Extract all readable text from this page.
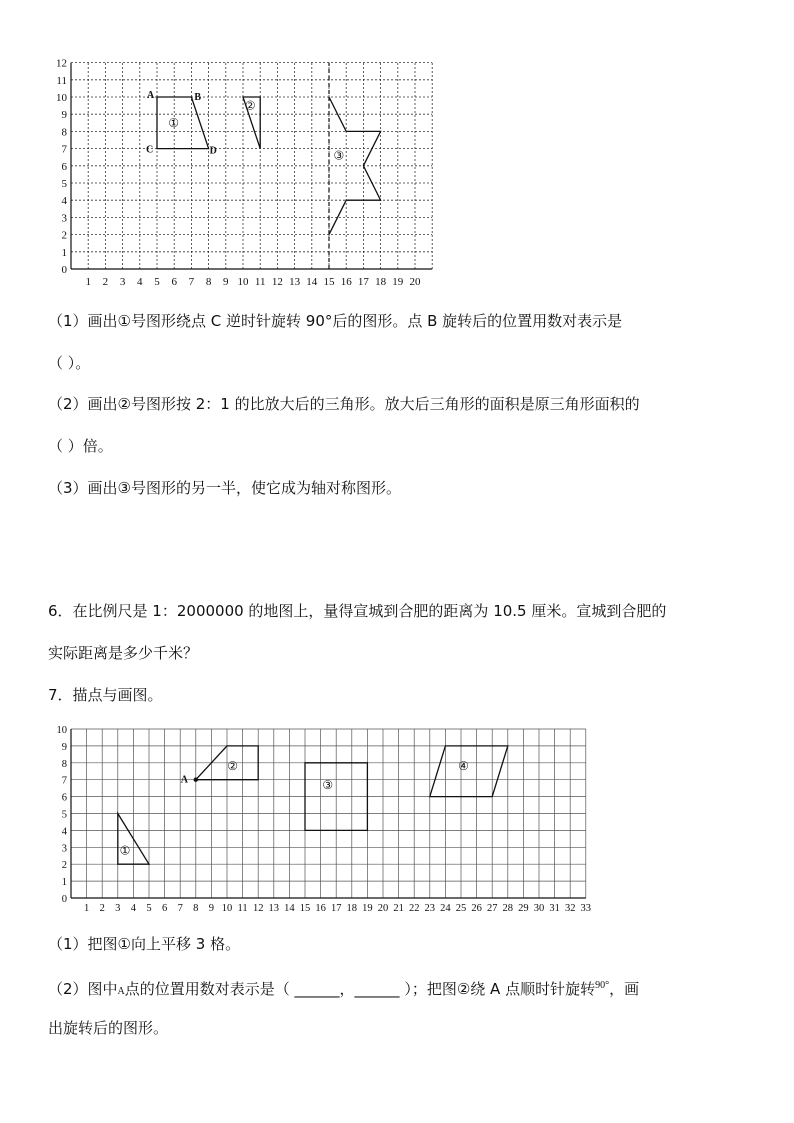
0
1
2
3
4
5
6
7
8
9
10
11
12
1 2 3 4 5 6 7 8 9 10 11 12 13 14 15 16 17 18 19 20
A	B
C	D
①
②
③
（1）画出①号图形绕点 C 逆时针旋转 90°后的图形。点 B 旋转后的位置用数对表示是
（ ）。
（2）画出②号图形按 2：1 的比放大后的三角形。放大后三角形的面积是原三角形面积的
（ ）倍。
（3）画出③号图形的另一半，使它成为轴对称图形。
6．在比例尺是 1：2000000 的地图上，量得宣城到合肥的距离为 10.5 厘米。宣城到合肥的
实际距离是多少千米？
7．描点与画图。
0
1
2
3
4
5
6
7
8
9
10
1 2 3 4 5 6 7 8 9 10 11 12 13 14 15 16 17 18 19 20 21 22 23 24 25 26 27 28 29 30 31 32 33
A
①
②
③
④
（1）把图①向上平移 3 格。
（2）图中A点的位置用数对表示是（ ______，______ ）；把图②绕 A 点顺时针旋转$^{90^\circ}$，画
出旋转后的图形。
